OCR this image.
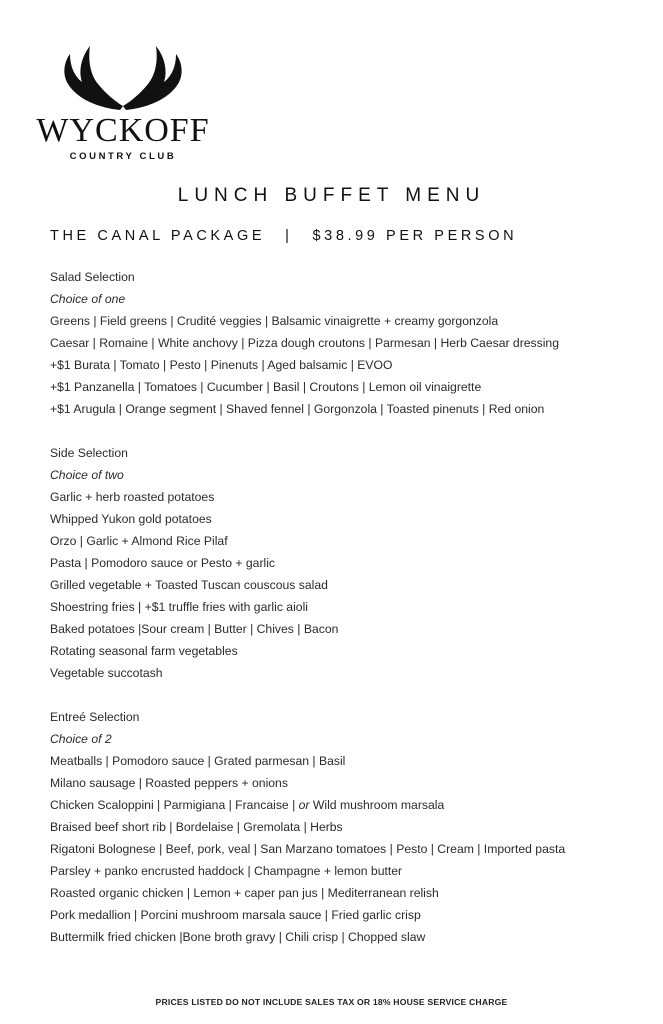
WYCKOFF
COUNTRY CLUB
LUNCH BUFFET MENU
THE CANAL PACKAGE | $38.99 PER PERSON
Salad Selection
Choice of one
Greens | Field greens | Crudité veggies | Balsamic vinaigrette + creamy gorgonzola
Caesar | Romaine | White anchovy | Pizza dough croutons | Parmesan | Herb Caesar dressing
+$1 Burata | Tomato | Pesto | Pinenuts | Aged balsamic | EVOO
+$1 Panzanella | Tomatoes | Cucumber | Basil | Croutons | Lemon oil vinaigrette
+$1 Arugula | Orange segment | Shaved fennel | Gorgonzola | Toasted pinenuts | Red onion
Side Selection
Choice of two
Garlic + herb roasted potatoes
Whipped Yukon gold potatoes
Orzo | Garlic + Almond Rice Pilaf
Pasta | Pomodoro sauce or Pesto + garlic
Grilled vegetable + Toasted Tuscan couscous salad
Shoestring fries | +$1 truffle fries with garlic aioli
Baked potatoes |Sour cream | Butter | Chives | Bacon
Rotating seasonal farm vegetables
Vegetable succotash
Entreé Selection
Choice of 2
Meatballs | Pomodoro sauce | Grated parmesan | Basil
Milano sausage | Roasted peppers + onions
Chicken Scaloppini | Parmigiana | Francaise | or Wild mushroom marsala
Braised beef short rib | Bordelaise | Gremolata | Herbs
Rigatoni Bolognese | Beef, pork, veal | San Marzano tomatoes | Pesto | Cream | Imported pasta
Parsley + panko encrusted haddock | Champagne + lemon butter
Roasted organic chicken | Lemon + caper pan jus | Mediterranean relish
Pork medallion | Porcini mushroom marsala sauce | Fried garlic crisp
Buttermilk fried chicken |Bone broth gravy | Chili crisp | Chopped slaw
PRICES LISTED DO NOT INCLUDE SALES TAX OR 18% HOUSE SERVICE CHARGE
